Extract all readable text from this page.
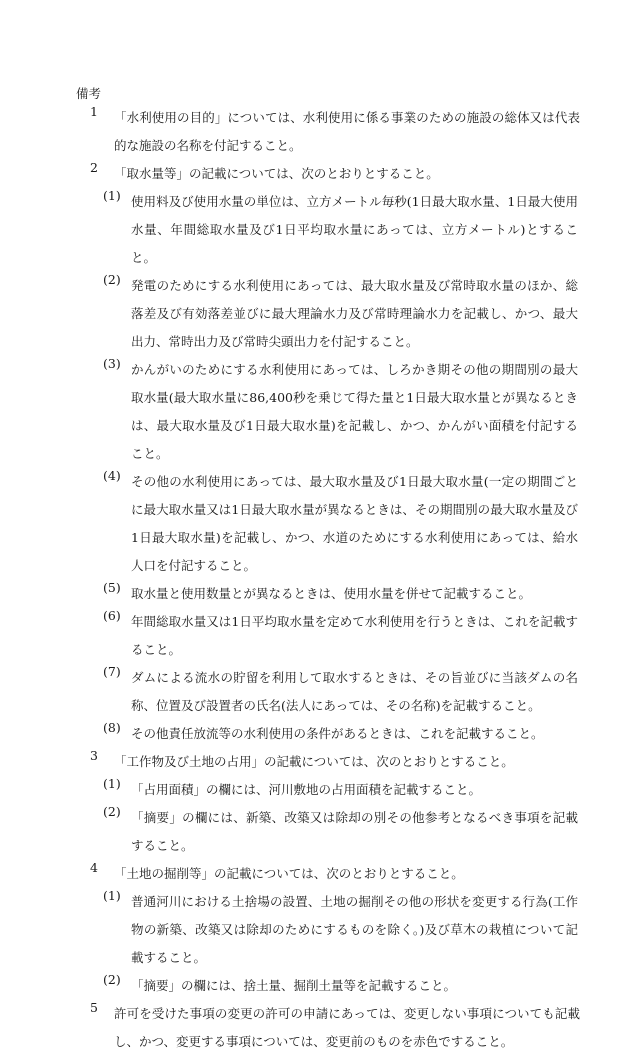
備考
1	「水利使用の目的」については、水利使用に係る事業のための施設の総体又は代表的な施設の名称を付記すること。
2	「取水量等」の記載については、次のとおりとすること。
(1) 使用料及び使用水量の単位は、立方メートル毎秒(1日最大取水量、1日最大使用水量、年間総取水量及び1日平均取水量にあっては、立方メートル)とすること。
(2) 発電のためにする水利使用にあっては、最大取水量及び常時取水量のほか、総落差及び有効落差並びに最大理論水力及び常時理論水力を記載し、かつ、最大出力、常時出力及び常時尖頭出力を付記すること。
(3) かんがいのためにする水利使用にあっては、しろかき期その他の期間別の最大取水量(最大取水量に86,400秒を乗じて得た量と1日最大取水量とが異なるときは、最大取水量及び1日最大取水量)を記載し、かつ、かんがい面積を付記すること。
(4) その他の水利使用にあっては、最大取水量及び1日最大取水量(一定の期間ごとに最大取水量又は1日最大取水量が異なるときは、その期間別の最大取水量及び1日最大取水量)を記載し、かつ、水道のためにする水利使用にあっては、給水人口を付記すること。
(5) 取水量と使用数量とが異なるときは、使用水量を併せて記載すること。
(6) 年間総取水量又は1日平均取水量を定めて水利使用を行うときは、これを記載すること。
(7) ダムによる流水の貯留を利用して取水するときは、その旨並びに当該ダムの名称、位置及び設置者の氏名(法人にあっては、その名称)を記載すること。
(8) その他責任放流等の水利使用の条件があるときは、これを記載すること。
3	「工作物及び土地の占用」の記載については、次のとおりとすること。
(1) 「占用面積」の欄には、河川敷地の占用面積を記載すること。
(2) 「摘要」の欄には、新築、改築又は除却の別その他参考となるべき事項を記載すること。
4	「土地の掘削等」の記載については、次のとおりとすること。
(1) 普通河川における土捨場の設置、土地の掘削その他の形状を変更する行為(工作物の新築、改築又は除却のためにするものを除く。)及び草木の栽植について記載すること。
(2) 「摘要」の欄には、捨土量、掘削土量等を記載すること。
5	許可を受けた事項の変更の許可の申請にあっては、変更しない事項についても記載し、かつ、変更する事項については、変更前のものを赤色ですること。
